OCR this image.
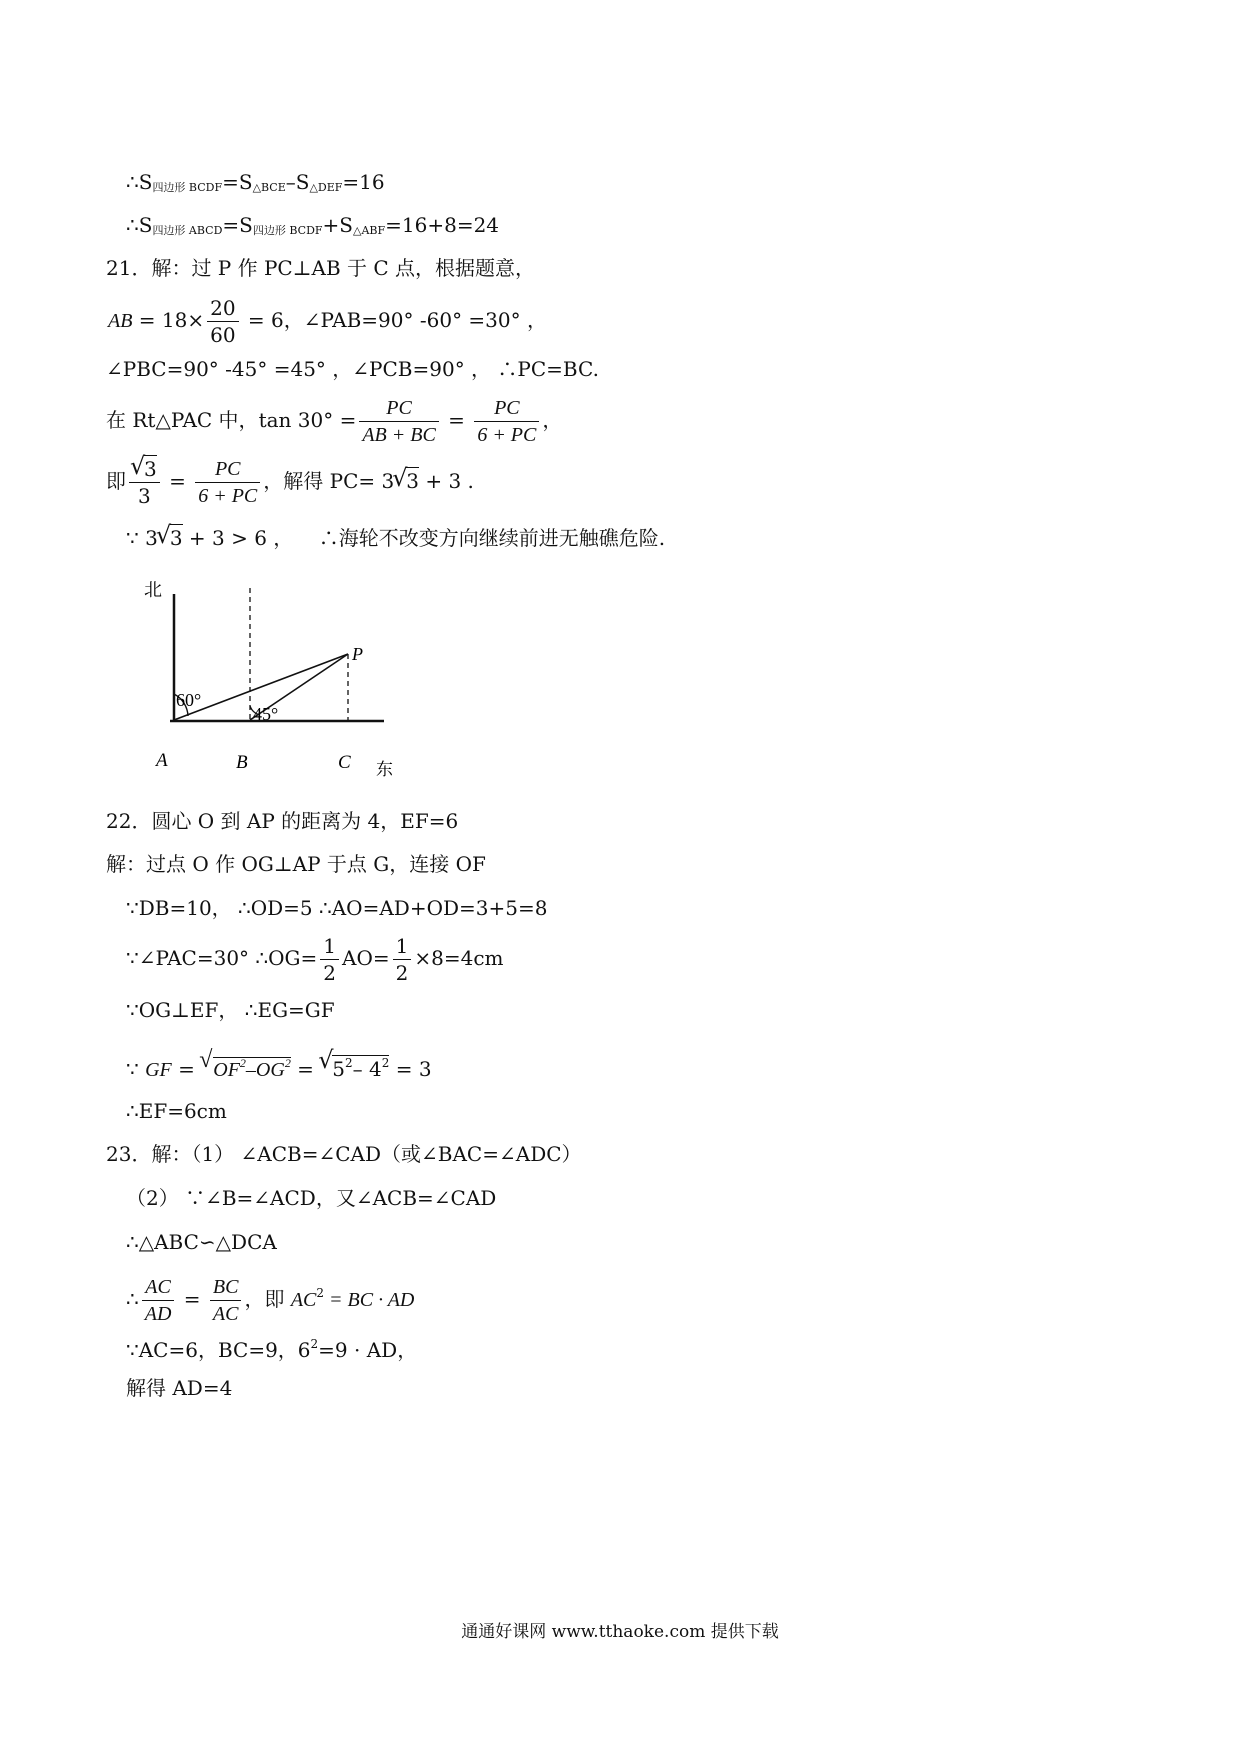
∴S四边形 BCDF=S△BCE–S△DEF=16
∴S四边形 ABCD=S四边形 BCDF+S△ABF=16+8=24
21．解：过 P 作 PC⊥AB 于 C 点，根据题意，
AB = $18\times \frac{20}{60} = 6$，∠PAB=90° -60° =30° ，
∠PBC=90° -45° =45° ，∠PCB=90° ， ∴PC=BC.
在 Rt△PAC 中，$\tan 30^\circ = \frac{PC}{AB + BC} = \frac{PC}{6 + PC}$ ，
即 √ $\frac{3}{3} = \frac{PC}{6 + PC}$ ，解得 PC= 3 √ 3 + 3 .
∵ 3 √ 3 + 3 > 6 ， ∴海轮不改变方向继续前进无触礁危险.
北
东
A	B	C
P
60°
45°
22．圆心 O 到 AP 的距离为 4，EF=6
解：过点 O 作 OG⊥AP 于点 G，连接 OF
∵DB=10， ∴OD=5 ∴AO=AD+OD=3+5=8
∵∠PAC=30° ∴OG= $\frac{1}{2} AO= \frac{1}{2} \times 8=4cm$
∵OG⊥EF， ∴EG=GF
∵ GF = √ $OF^2-OG^2$ = √ $5^2-$ $4^2 = 3$
∴EF=6cm
23．解：（1） ∠ACB=∠CAD（或∠BAC=∠ADC）
（2） ∵∠B=∠ACD，又∠ACB=∠CAD
∴△ABC∽△DCA
∴ $\frac{AC}{AD} = \frac{BC}{AC}$ ，即 $AC^2$ = BC · AD
∵AC=6，BC=9，$6^2=9$ · AD，
解得 AD=4
通通好课网 www.tthaoke.com 提供下载
